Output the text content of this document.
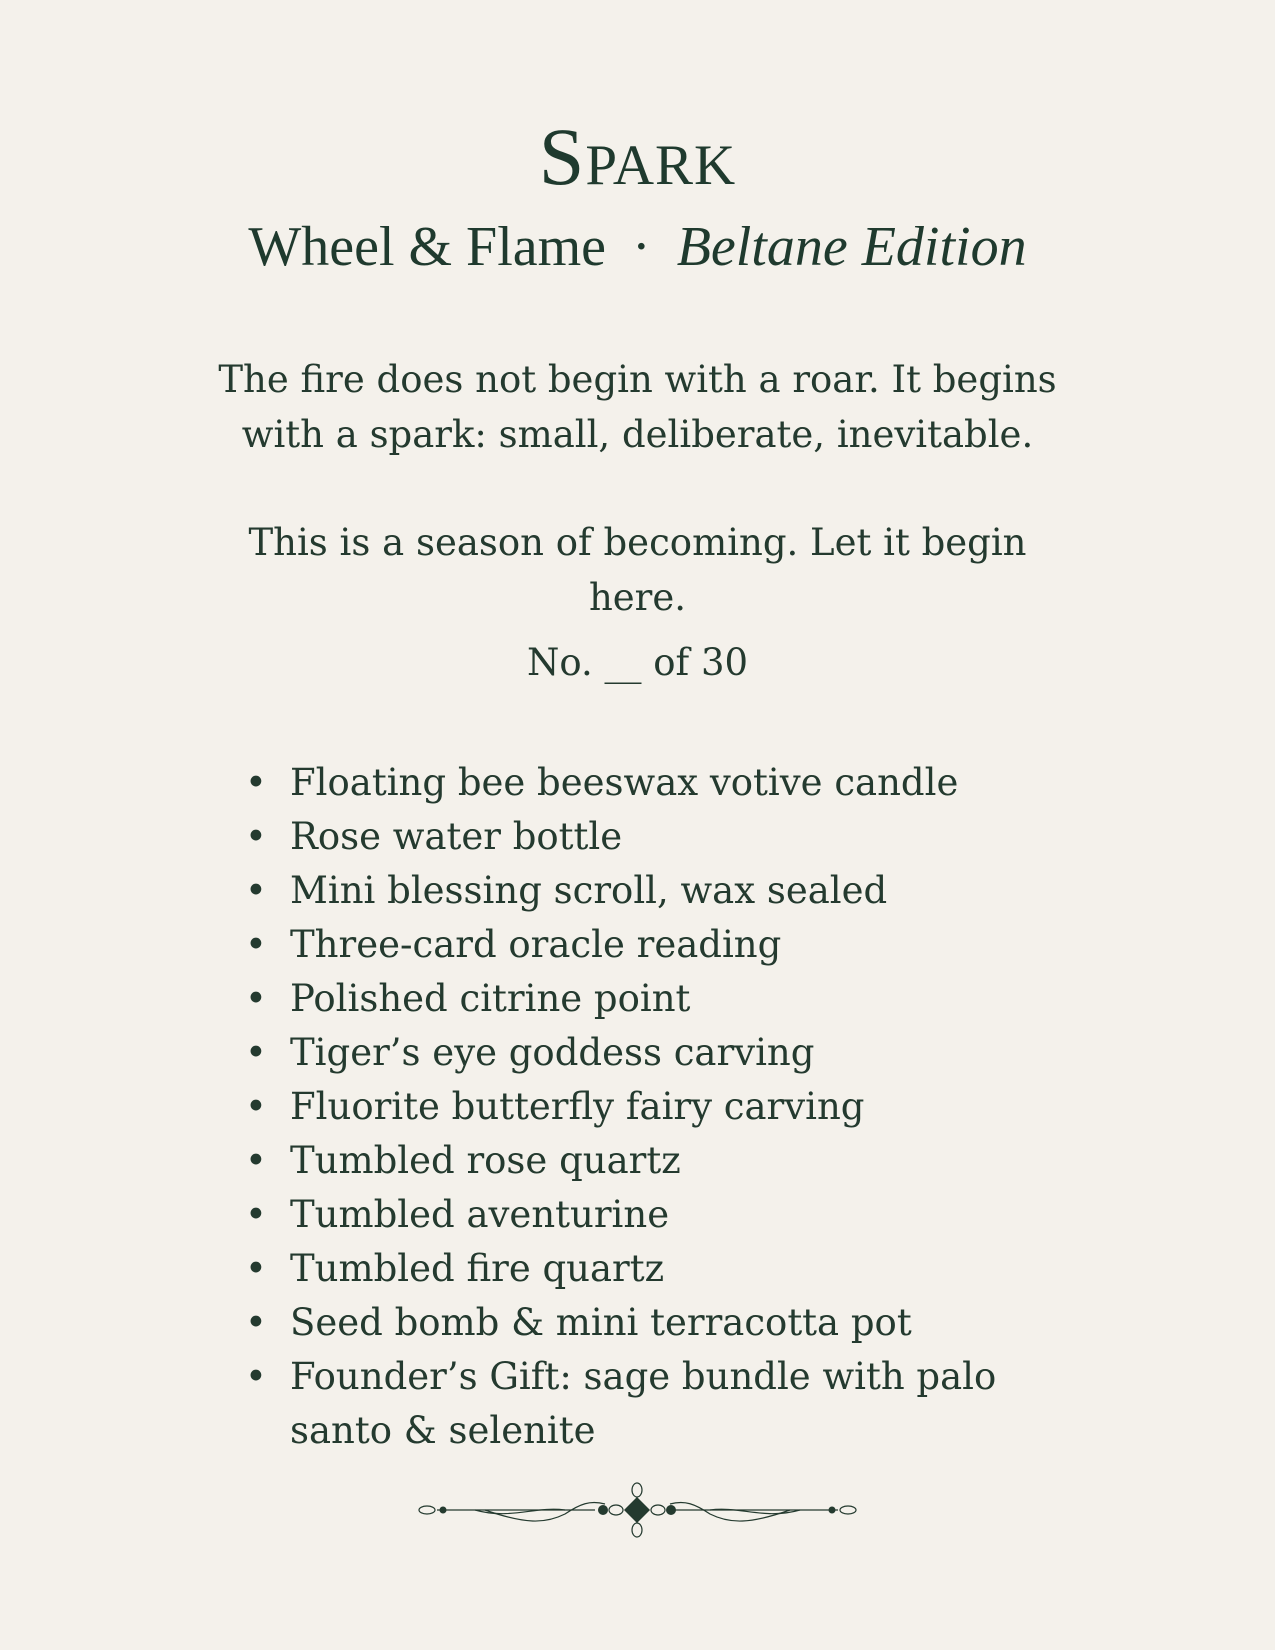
Spark
Wheel & Flame · Beltane Edition

The fire does not begin with a roar. It begins with a spark: small, deliberate, inevitable.

This is a season of becoming. Let it begin here.

No. __ of 30
• Floating bee beeswax votive candle
• Rose water bottle
• Mini blessing scroll, wax sealed
• Three-card oracle reading
• Polished citrine point
• Tiger’s eye goddess carving
• Fluorite butterfly fairy carving
• Tumbled rose quartz
• Tumbled aventurine
• Tumbled fire quartz
• Seed bomb & mini terracotta pot
• Founder’s Gift: sage bundle with palo santo & selenite
